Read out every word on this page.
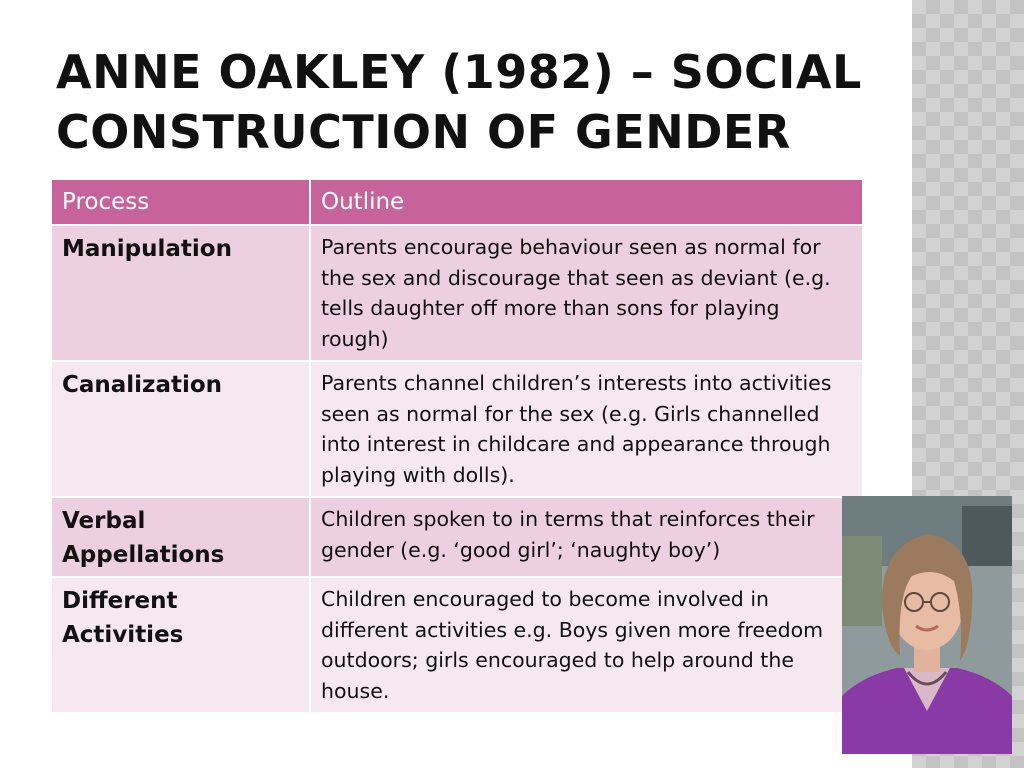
ANNE OAKLEY (1982) – SOCIAL
CONSTRUCTION OF GENDER
Process	Outline
Manipulation	Parents encourage behaviour seen as normal for the sex and discourage that seen as deviant (e.g. tells daughter off more than sons for playing rough)
Canalization	Parents channel children’s interests into activities seen as normal for the sex (e.g. Girls channelled into interest in childcare and appearance through playing with dolls).
Verbal Appellations	Children spoken to in terms that reinforces their gender (e.g. ‘good girl’; ‘naughty boy’)
Different Activities	Children encouraged to become involved in different activities e.g. Boys given more freedom outdoors; girls encouraged to help around the house.
